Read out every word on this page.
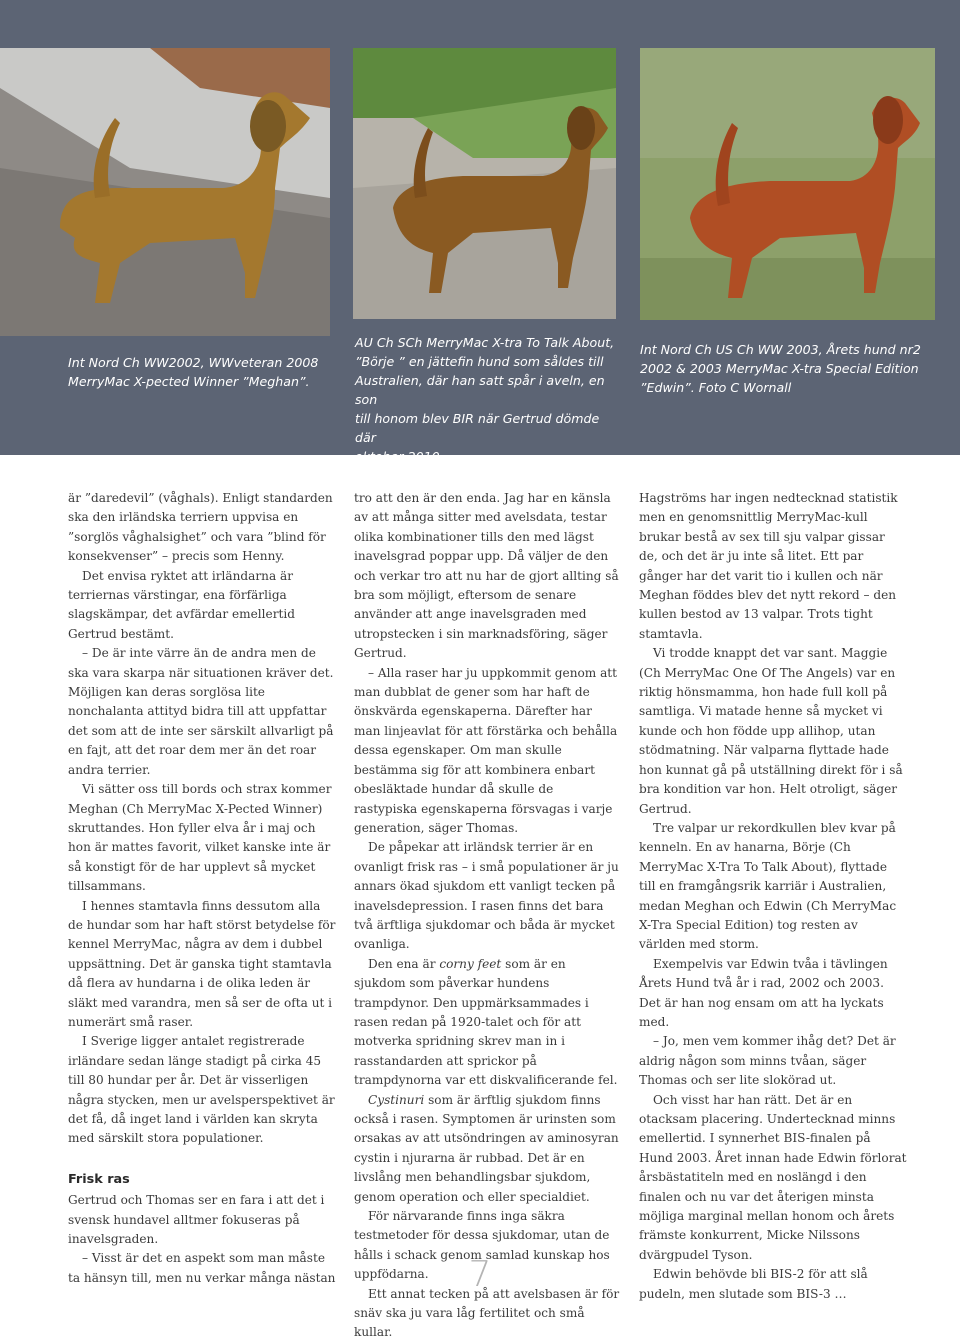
Int Nord Ch WW2002, WWveteran 2008
MerryMac X-pected Winner ”Meghan”.

AU Ch SCh MerryMac X-tra To Talk About,
”Börje ” en jättefin hund som såldes till
Australien, där han satt spår i aveln, en son
till honom blev BIR när Gertrud dömde där
oktober 2010.

Int Nord Ch US Ch WW 2003, Årets hund nr2
2002 & 2003 MerryMac X-tra Special Edition
”Edwin”. Foto C Wornall

är ”daredevil” (våghals). Enligt standarden ska den irländska terriern uppvisa en ”sorglös våghalsighet” och vara ”blind för konsekvenser” – precis som Henny.

Det envisa ryktet att irländarna är terriernas värstingar, ena förfärliga slagskämpar, det avfärdar emellertid Gertrud bestämt.

– De är inte värre än de andra men de ska vara skarpa när situationen kräver det. Möjligen kan deras sorglösa lite nonchalanta attityd bidra till att uppfattar det som att de inte ser särskilt allvarligt på en fajt, att det roar dem mer än det roar andra terrier.

Vi sätter oss till bords och strax kommer Meghan (Ch MerryMac X-Pected Winner) skruttandes. Hon fyller elva år i maj och hon är mattes favorit, vilket kanske inte är så konstigt för de har upplevt så mycket tillsammans.

I hennes stamtavla finns dessutom alla de hundar som har haft störst betydelse för kennel MerryMac, några av dem i dubbel uppsättning. Det är ganska tight stamtavla då flera av hundarna i de olika leden är släkt med varandra, men så ser de ofta ut i numerärt små raser.

I Sverige ligger antalet registrerade irländare sedan länge stadigt på cirka 45 till 80 hundar per år. Det är visserligen några stycken, men ur avelsperspektivet är det få, då inget land i världen kan skryta med särskilt stora populationer.

Frisk ras

Gertrud och Thomas ser en fara i att det i svensk hundavel alltmer fokuseras på inavelsgraden.

– Visst är det en aspekt som man måste ta hänsyn till, men nu verkar många nästan

tro att den är den enda. Jag har en känsla av att många sitter med avelsdata, testar olika kombinationer tills den med lägst inavelsgrad poppar upp. Då väljer de den och verkar tro att nu har de gjort allting så bra som möjligt, eftersom de senare använder att ange inavelsgraden med utropstecken i sin marknadsföring, säger Gertrud.

– Alla raser har ju uppkommit genom att man dubblat de gener som har haft de önskvärda egenskaperna. Därefter har man linjeavlat för att förstärka och behålla dessa egenskaper. Om man skulle bestämma sig för att kombinera enbart obesläktade hundar då skulle de rastypiska egenskaperna försvagas i varje generation, säger Thomas.

De påpekar att irländsk terrier är en ovanligt frisk ras – i små populationer är ju annars ökad sjukdom ett vanligt tecken på inavelsdepression. I rasen finns det bara två ärftliga sjukdomar och båda är mycket ovanliga.

Den ena är corny feet som är en sjukdom som påverkar hundens trampdynor. Den uppmärksammades i rasen redan på 1920-talet och för att motverka spridning skrev man in i rasstandarden att sprickor på trampdynorna var ett diskvalificerande fel.

Cystinuri som är ärftlig sjukdom finns också i rasen. Symptomen är urinsten som orsakas av att utsöndringen av aminosyran cystin i njurarna är rubbad. Det är en livslång men behandlingsbar sjukdom, genom operation och eller specialdiet.

För närvarande finns inga säkra testmetoder för dessa sjukdomar, utan de hålls i schack genom samlad kunskap hos uppfödarna.

Ett annat tecken på att avelsbasen är för snäv ska ju vara låg fertilitet och små kullar.

Hagströms har ingen nedtecknad statistik men en genomsnittlig MerryMac-kull brukar bestå av sex till sju valpar gissar de, och det är ju inte så litet. Ett par gånger har det varit tio i kullen och när Meghan föddes blev det nytt rekord – den kullen bestod av 13 valpar. Trots tight stamtavla.

Vi trodde knappt det var sant. Maggie (Ch MerryMac One Of The Angels) var en riktig hönsmamma, hon hade full koll på samtliga. Vi matade henne så mycket vi kunde och hon födde upp allihop, utan stödmatning. När valparna flyttade hade hon kunnat gå på utställning direkt för i så bra kondition var hon. Helt otroligt, säger Gertrud.

Tre valpar ur rekordkullen blev kvar på kenneln. En av hanarna, Börje (Ch MerryMac X-Tra To Talk About), flyttade till en framgångsrik karriär i Australien, medan Meghan och Edwin (Ch MerryMac X-Tra Special Edition) tog resten av världen med storm.

Exempelvis var Edwin tvåa i tävlingen Årets Hund två år i rad, 2002 och 2003. Det är han nog ensam om att ha lyckats med.

– Jo, men vem kommer ihåg det? Det är aldrig någon som minns tvåan, säger Thomas och ser lite slokörad ut.

Och visst har han rätt. Det är en otacksam placering. Undertecknad minns emellertid. I synnerhet BIS-finalen på Hund 2003. Året innan hade Edwin förlorat årsbästatiteln med en noslängd i den finalen och nu var det återigen minsta möjliga marginal mellan honom och årets främste konkurrent, Micke Nilssons dvärgpudel Tyson.

Edwin behövde bli BIS-2 för att slå pudeln, men slutade som BIS-3 …

7
